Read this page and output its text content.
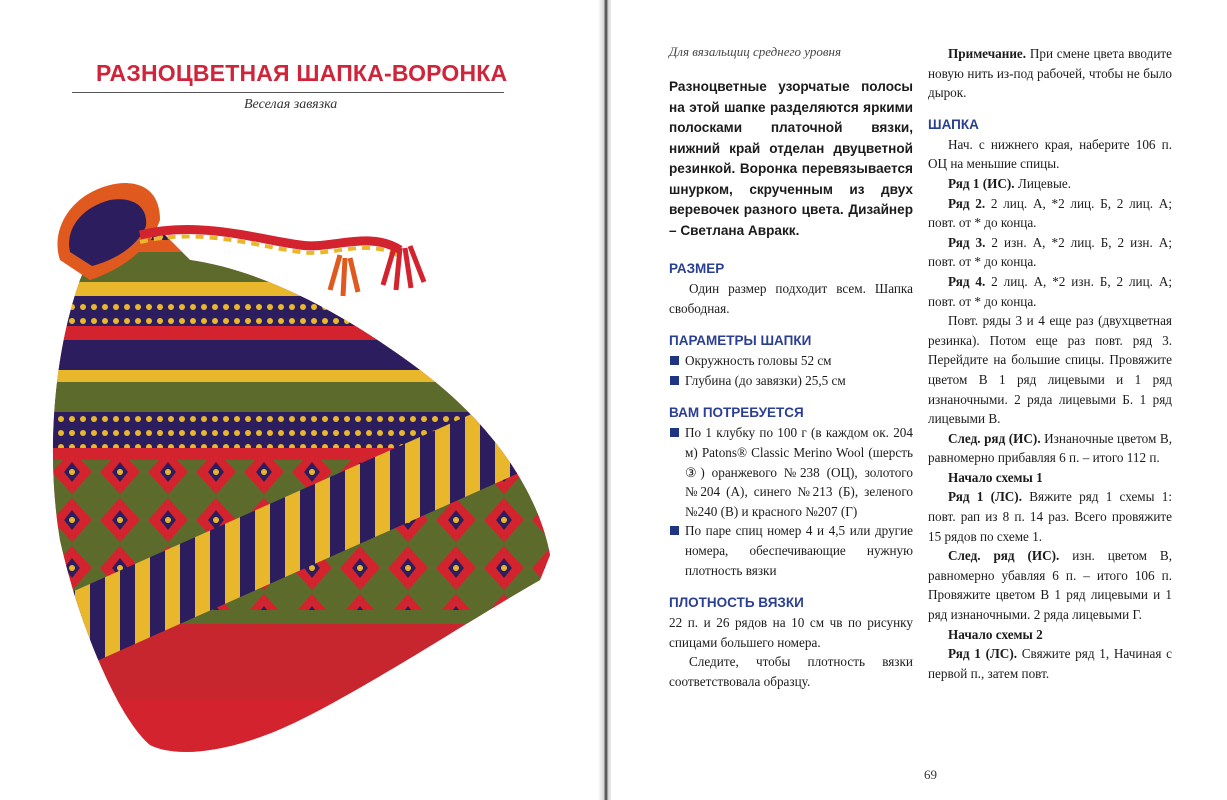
РАЗНОЦВЕТНАЯ ШАПКА-ВОРОНКА
Веселая завязка

Для вязальщиц среднего уровня

Разноцветные узорчатые полосы на этой шапке разделяются яркими полосками платочной вязки, нижний край отделан двуцветной резинкой. Воронка перевязывается шнурком, скрученным из двух веревочек разного цвета. Дизайнер – Светлана Авракк.

РАЗМЕР

Один размер подходит всем. Шапка свободная.

ПАРАМЕТРЫ ШАПКИ

Окружность головы 52 см

Глубина (до завязки) 25,5 см

ВАМ ПОТРЕБУЕТСЯ

По 1 клубку по 100 г (в каждом ок. 204 м) Patons® Classic Merino Wool (шерсть ③) оранжевого №238 (ОЦ), золотого №204 (А), синего №213 (Б), зеленого №240 (В) и красного №207 (Г)

По паре спиц номер 4 и 4,5 или другие номера, обеспечивающие нужную плотность вязки

ПЛОТНОСТЬ ВЯЗКИ

22 п. и 26 рядов на 10 см чв по рисунку спицами большего номера.

Следите, чтобы плотность вязки соответствовала образцу.

Примечание. При смене цвета вводите новую нить из-под рабочей, чтобы не было дырок.

ШАПКА

Нач. с нижнего края, наберите 106 п. ОЦ на меньшие спицы.

Ряд 1 (ИС). Лицевые.

Ряд 2. 2 лиц. А, *2 лиц. Б, 2 лиц. А; повт. от * до конца.

Ряд 3. 2 изн. А, *2 лиц. Б, 2 изн. А; повт. от * до конца.

Ряд 4. 2 лиц. А, *2 изн. Б, 2 лиц. А; повт. от * до конца.

Повт. ряды 3 и 4 еще раз (двухцветная резинка). Потом еще раз повт. ряд 3. Перейдите на большие спицы. Провяжите цветом В 1 ряд лицевыми и 1 ряд изнаночными. 2 ряда лицевыми Б. 1 ряд лицевыми В.

След. ряд (ИС). Изнаночные цветом В, равномерно прибавляя 6 п. – итого 112 п.

Начало схемы 1

Ряд 1 (ЛС). Вяжите ряд 1 схемы 1: повт. рап из 8 п. 14 раз. Всего провяжите 15 рядов по схеме 1.

След. ряд (ИС). изн. цветом В, равномерно убавляя 6 п. – итого 106 п. Провяжите цветом В 1 ряд лицевыми и 1 ряд изнаночными. 2 ряда лицевыми Г.

Начало схемы 2

Ряд 1 (ЛС). Свяжите ряд 1, Начиная с первой п., затем повт.

69
